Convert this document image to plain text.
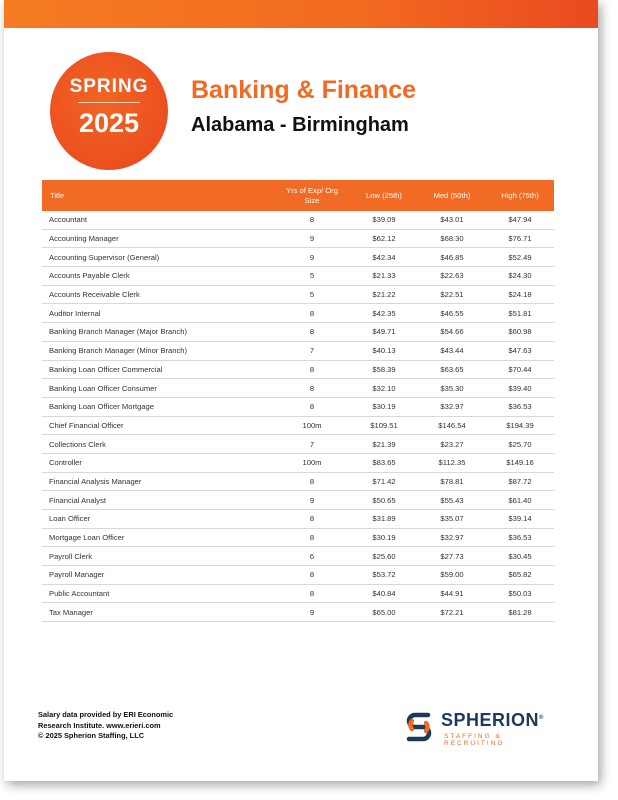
SPRING
2025
Banking & Finance
Alabama - Birmingham
Title	Yrs of Exp/ Org Size	Low (25th)	Med (50th)	High (75th)
Accountant	8	$39.09	$43.01	$47.94
Accounting Manager	9	$62.12	$68.30	$76.71
Accounting Supervisor (General)	9	$42.34	$46.85	$52.49
Accounts Payable Clerk	5	$21.33	$22.63	$24.30
Accounts Receivable Clerk	5	$21.22	$22.51	$24.18
Auditor Internal	8	$42.35	$46.55	$51.81
Banking Branch Manager (Major Branch)	8	$49.71	$54.66	$60.98
Banking Branch Manager (Minor Branch)	7	$40.13	$43.44	$47.63
Banking Loan Officer Commercial	8	$58.39	$63.65	$70.44
Banking Loan Officer Consumer	8	$32.10	$35.30	$39.40
Banking Loan Officer Mortgage	8	$30.19	$32.97	$36.53
Chief Financial Officer	100m	$109.51	$146.54	$194.39
Collections Clerk	7	$21.39	$23.27	$25.70
Controller	100m	$83.65	$112.35	$149.16
Financial Analysis Manager	8	$71.42	$78.81	$87.72
Financial Analyst	9	$50.65	$55.43	$61.40
Loan Officer	8	$31.89	$35.07	$39.14
Mortgage Loan Officer	8	$30.19	$32.97	$36.53
Payroll Clerk	6	$25.60	$27.73	$30.45
Payroll Manager	8	$53.72	$59.00	$65.82
Public Accountant	8	$40.84	$44.91	$50.03
Tax Manager	9	$65.00	$72.21	$81.28
Salary data provided by ERI Economic
Research Institute. www.erieri.com
© 2025 Spherion Staffing, LLC
SPHERION®
STAFFING & RECRUITING
